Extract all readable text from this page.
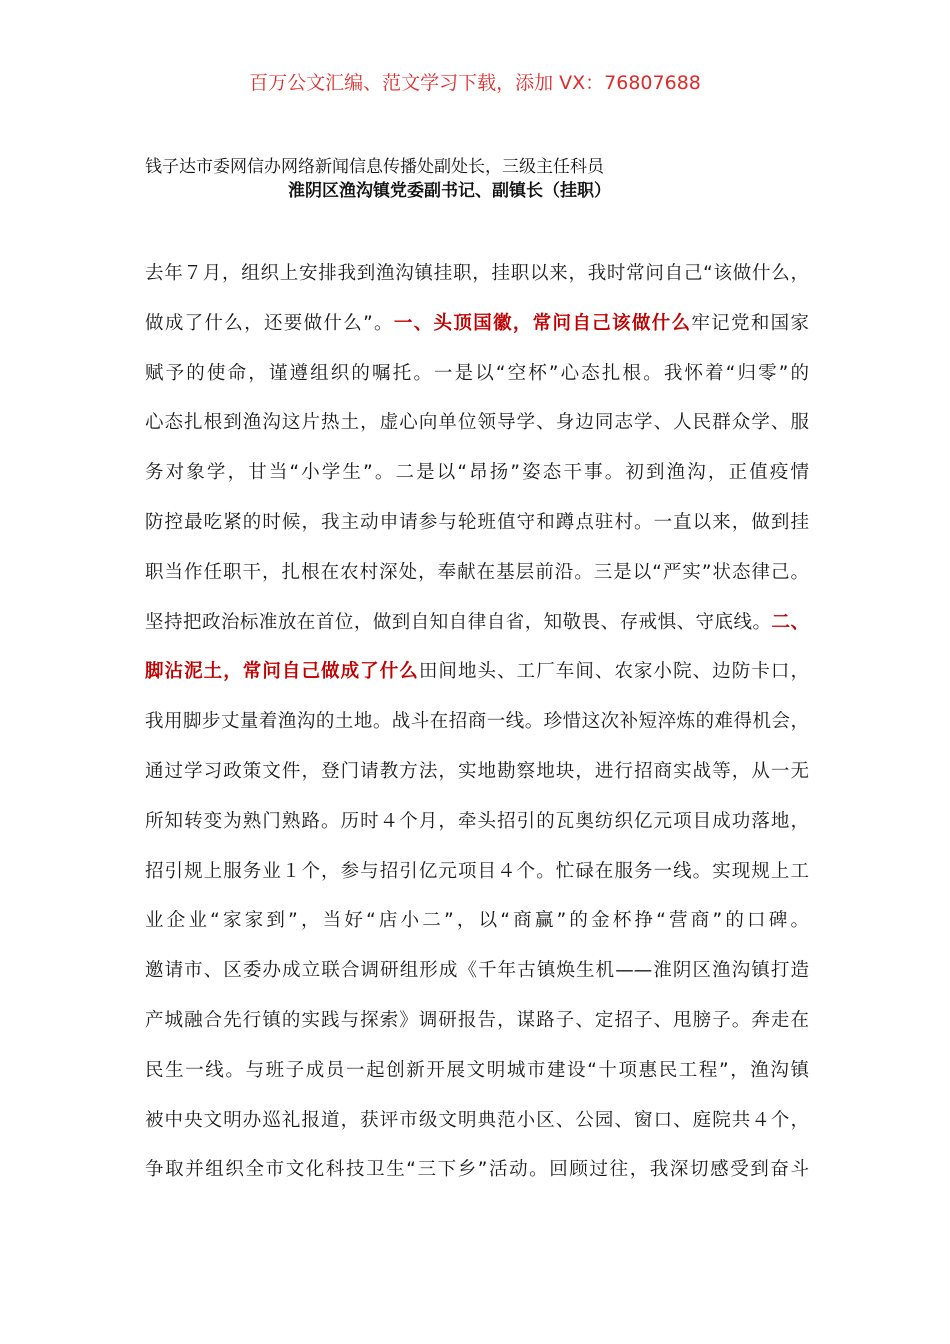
百万公文汇编、范文学习下载，添加 VX：76807688
钱子达市委网信办网络新闻信息传播处副处长，三级主任科员
淮阴区渔沟镇党委副书记、副镇长（挂职）
去年７月，组织上安排我到渔沟镇挂职，挂职以来，我时常问自己“该做什么，
做成了什么，还要做什么”。一、头顶国徽，常问自己该做什么牢记党和国家
赋予的使命，谨遵组织的嘱托。一是以“空杯”心态扎根。我怀着“归零”的
心态扎根到渔沟这片热土，虚心向单位领导学、身边同志学、人民群众学、服
务对象学，甘当“小学生”。二是以“昂扬”姿态干事。初到渔沟，正值疫情
防控最吃紧的时候，我主动申请参与轮班值守和蹲点驻村。一直以来，做到挂
职当作任职干，扎根在农村深处，奉献在基层前沿。三是以“严实”状态律己。
坚持把政治标准放在首位，做到自知自律自省，知敬畏、存戒惧、守底线。二、
脚沾泥土，常问自己做成了什么田间地头、工厂车间、农家小院、边防卡口，
我用脚步丈量着渔沟的土地。战斗在招商一线。珍惜这次补短淬炼的难得机会，
通过学习政策文件，登门请教方法，实地勘察地块，进行招商实战等，从一无
所知转变为熟门熟路。历时４个月，牵头招引的瓦奥纺织亿元项目成功落地，
招引规上服务业１个，参与招引亿元项目４个。忙碌在服务一线。实现规上工
业企业“家家到”，当好“店小二”，以“商赢”的金杯挣“营商”的口碑。
邀请市、区委办成立联合调研组形成《千年古镇焕生机——淮阴区渔沟镇打造
产城融合先行镇的实践与探索》调研报告，谋路子、定招子、甩膀子。奔走在
民生一线。与班子成员一起创新开展文明城市建设“十项惠民工程”，渔沟镇
被中央文明办巡礼报道，获评市级文明典范小区、公园、窗口、庭院共４个，
争取并组织全市文化科技卫生“三下乡”活动。回顾过往，我深切感受到奋斗
